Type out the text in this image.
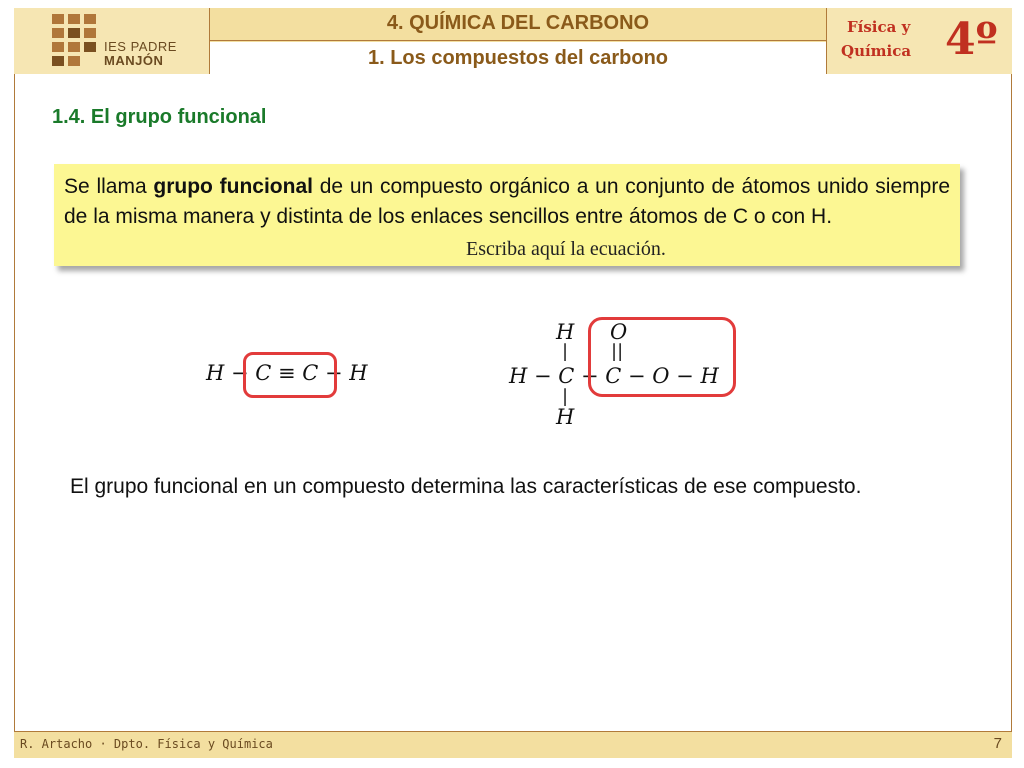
IES PADRE
MANJÓN
4. QUÍMICA DEL CARBONO
1. Los compuestos del carbono
Física y
Química 4º
1.4. El grupo funcional
Se llama grupo funcional de un compuesto orgánico a un conjunto de átomos unido siempre de la misma manera y distinta de los enlaces sencillos entre átomos de C o con H.
Escriba aquí la ecuación.
H − C ≡ C − H
H O
| ||
H − C − C − O − H
|
H
El grupo funcional en un compuesto determina las características de ese compuesto.
R. Artacho · Dpto. Física y Química	7
